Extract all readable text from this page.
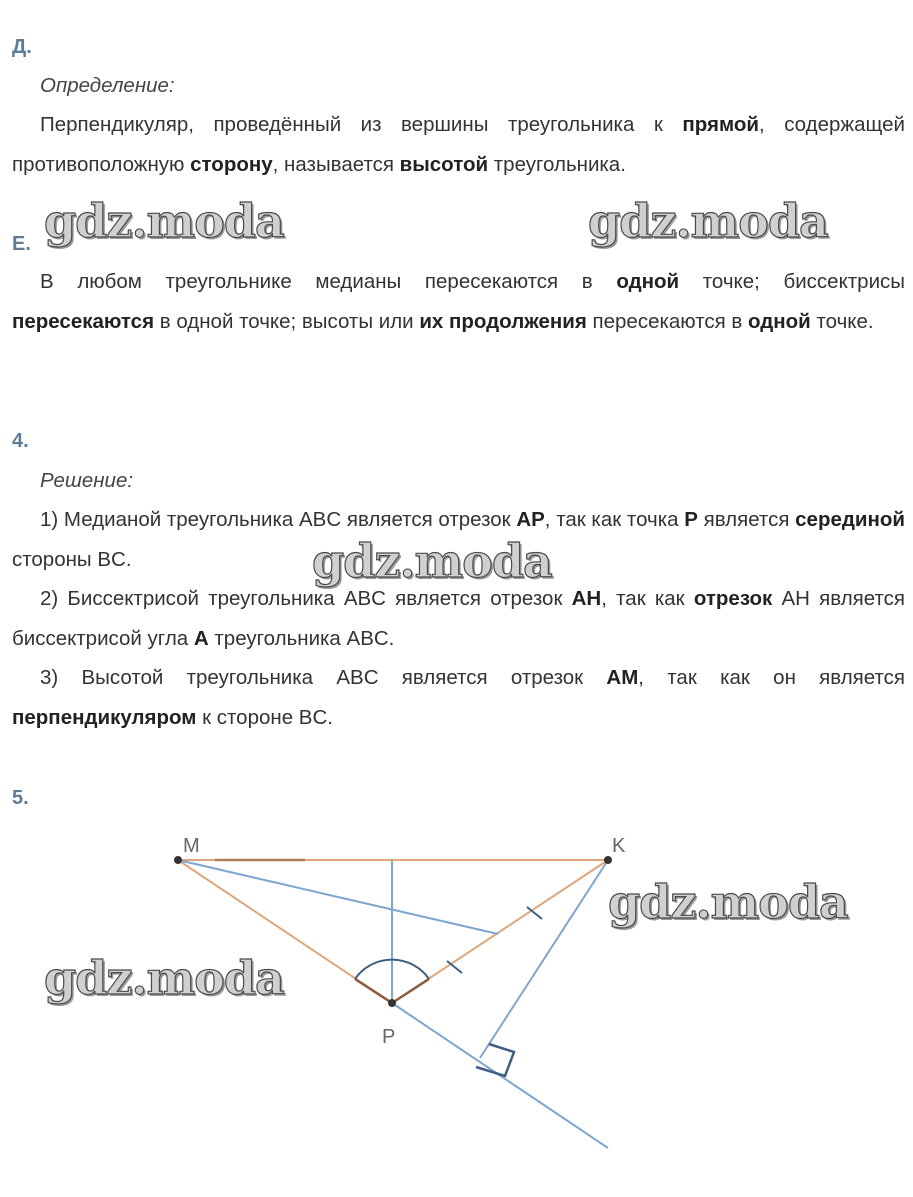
Д.
Определение:
Перпендикуляр, проведённый из вершины треугольника к прямой, содержащей противоположную сторону, называется высотой треугольника.
Е.
В любом треугольнике медианы пересекаются в одной точке; биссектрисы пересекаются в одной точке; высоты или их продолжения пересекаются в одной точке.
4.
Решение:
1) Медианой треугольника ABC является отрезок AP, так как точка P является серединой стороны BC.
2) Биссектрисой треугольника ABC является отрезок AH, так как отрезок AH является биссектрисой угла A треугольника ABC.
3) Высотой треугольника ABC является отрезок AM, так как он является перпендикуляром к стороне BC.
5.
M	K
P
gdz.moda	gdz.moda
gdz.moda
gdz.moda
gdz.moda
